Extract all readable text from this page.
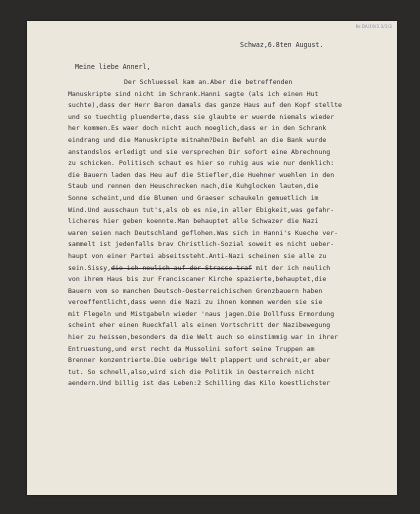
Nr.DA/19/3 3/1/3
Schwaz,6.8ten August.
Meine liebe Annerl,
Der Schluessel kam an.Aber die betreffenden
Manuskripte sind nicht im Schrank.Hanni sagte (als ich einen Hut
suchte),dass der Herr Baron damals das ganze Haus auf den Kopf stellte
und so tuechtig pluenderte,dass sie glaubte er wuerde niemals wieder
her kommen.Es waer doch nicht auch moeglich,dass er in den Schrank
eindrang und die Manuskripte mitnahm?Dein Befehl an die Bank wurde
anstandslos erledigt und sie versprechen Dir sofort eine Abrechnung
zu schicken. Politisch schaut es hier so ruhig aus wie nur denklich:
die Bauern laden das Heu auf die Stiefler,die Huehner wuehlen in den
Staub und rennen den Heuschrecken nach,die Kuhglocken lauten,die
Sonne scheint,und die Blumen und Graeser schaukeln gemuetlich im
Wind.Und ausschaun tut's,als ob es nie,in aller Ebigkeit,was gefahr-
licheres hier geben koennte.Man behauptet alle Schwazer die Nazi
waren seien nach Deutschland geflohen.Was sich in Hanni's Kueche ver-
sammelt ist jedenfalls brav Christlich-Sozial soweit es nicht ueber-
haupt von einer Partei abseitssteht.Anti-Nazi scheinen sie alle zu
sein.Sissy,die ich neulich auf der Strasse traf mit der ich neulich
von ihrem Haus bis zur Franciscaner Kirche spazierte,behauptet,die
Bauern vom so manchen Deutsch-Oesterreichischen Grenzbauern haben
veroeffentlicht,dass wenn die Nazi zu ihnen kommen werden sie sie
mit Flegeln und Mistgabeln wieder 'naus jagen.Die Dollfuss Ermordung
scheint eher einen Rueckfall als einen Vortschritt der Nazibewegung
hier zu heissen,besonders da die Welt auch so einstimmig war in ihrer
Entruestung,und erst recht da Mussolini sofort seine Truppen am
Brenner konzentrierte.Die uebrige Welt plappert und schreit,er aber
tut. So schnell,also,wird sich die Politik in Oesterreich nicht
aendern.Und billig ist das Leben:2 Schilling das Kilo koestlichster
